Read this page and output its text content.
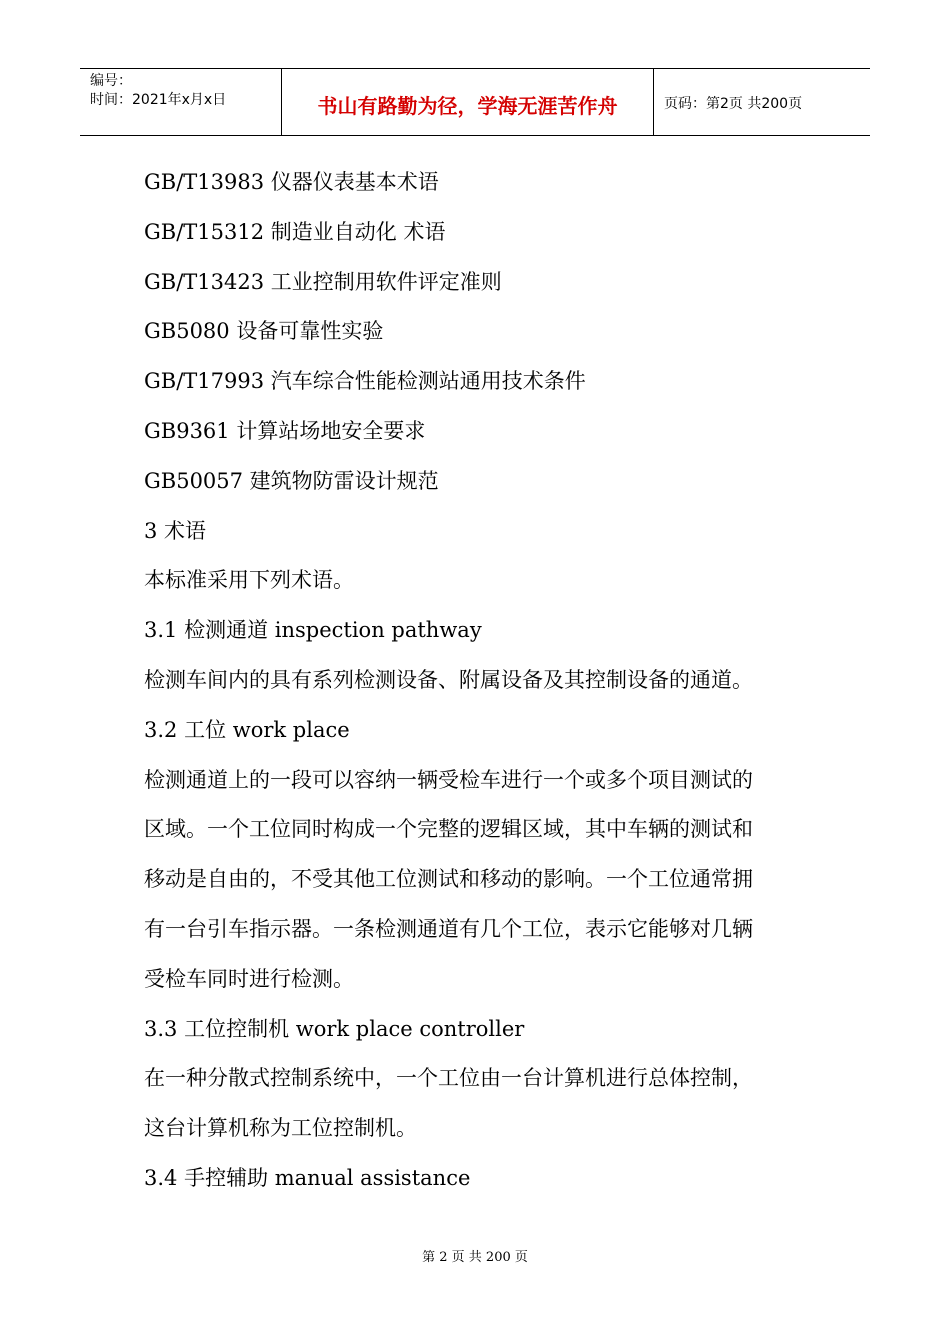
编号：
时间：2021年x月x日	书山有路勤为径，学海无涯苦作舟	页码：第2页 共200页
GB/T13983 仪器仪表基本术语
GB/T15312 制造业自动化 术语
GB/T13423 工业控制用软件评定准则
GB5080 设备可靠性实验
GB/T17993 汽车综合性能检测站通用技术条件
GB9361 计算站场地安全要求
GB50057 建筑物防雷设计规范
3 术语
本标准采用下列术语。
3.1 检测通道 inspection pathway
检测车间内的具有系列检测设备、附属设备及其控制设备的通道。
3.2 工位 work place
检测通道上的一段可以容纳一辆受检车进行一个或多个项目测试的
区域。一个工位同时构成一个完整的逻辑区域，其中车辆的测试和
移动是自由的，不受其他工位测试和移动的影响。一个工位通常拥
有一台引车指示器。一条检测通道有几个工位，表示它能够对几辆
受检车同时进行检测。
3.3 工位控制机 work place controller
在一种分散式控制系统中，一个工位由一台计算机进行总体控制，
这台计算机称为工位控制机。
3.4 手控辅助 manual assistance
第 2 页 共 200 页
